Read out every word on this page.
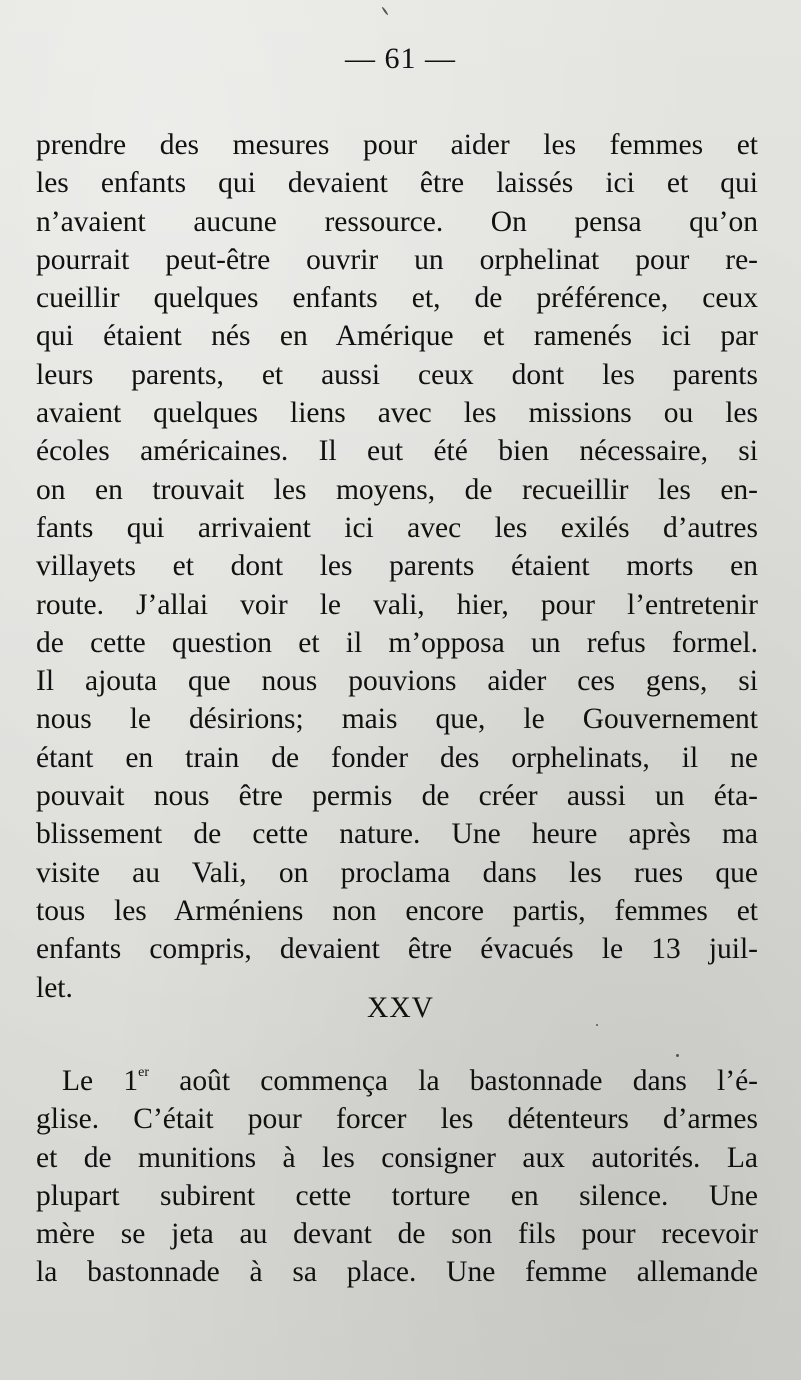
— 61 —
prendre des mesures pour aider les femmes et
les enfants qui devaient être laissés ici et qui
n’avaient aucune ressource. On pensa qu’on
pourrait peut-être ouvrir un orphelinat pour re-
cueillir quelques enfants et, de préférence, ceux
qui étaient nés en Amérique et ramenés ici par
leurs parents, et aussi ceux dont les parents
avaient quelques liens avec les missions ou les
écoles américaines. Il eut été bien nécessaire, si
on en trouvait les moyens, de recueillir les en-
fants qui arrivaient ici avec les exilés d’autres
villayets et dont les parents étaient morts en
route. J’allai voir le vali, hier, pour l’entretenir
de cette question et il m’opposa un refus formel.
Il ajouta que nous pouvions aider ces gens, si
nous le désirions; mais que, le Gouvernement
étant en train de fonder des orphelinats, il ne
pouvait nous être permis de créer aussi un éta-
blissement de cette nature. Une heure après ma
visite au Vali, on proclama dans les rues que
tous les Arméniens non encore partis, femmes et
enfants compris, devaient être évacués le 13 juil-
let.
XXV
Le 1er août commença la bastonnade dans l’é-
glise. C’était pour forcer les détenteurs d’armes
et de munitions à les consigner aux autorités. La
plupart subirent cette torture en silence. Une
mère se jeta au devant de son fils pour recevoir
la bastonnade à sa place. Une femme allemande
